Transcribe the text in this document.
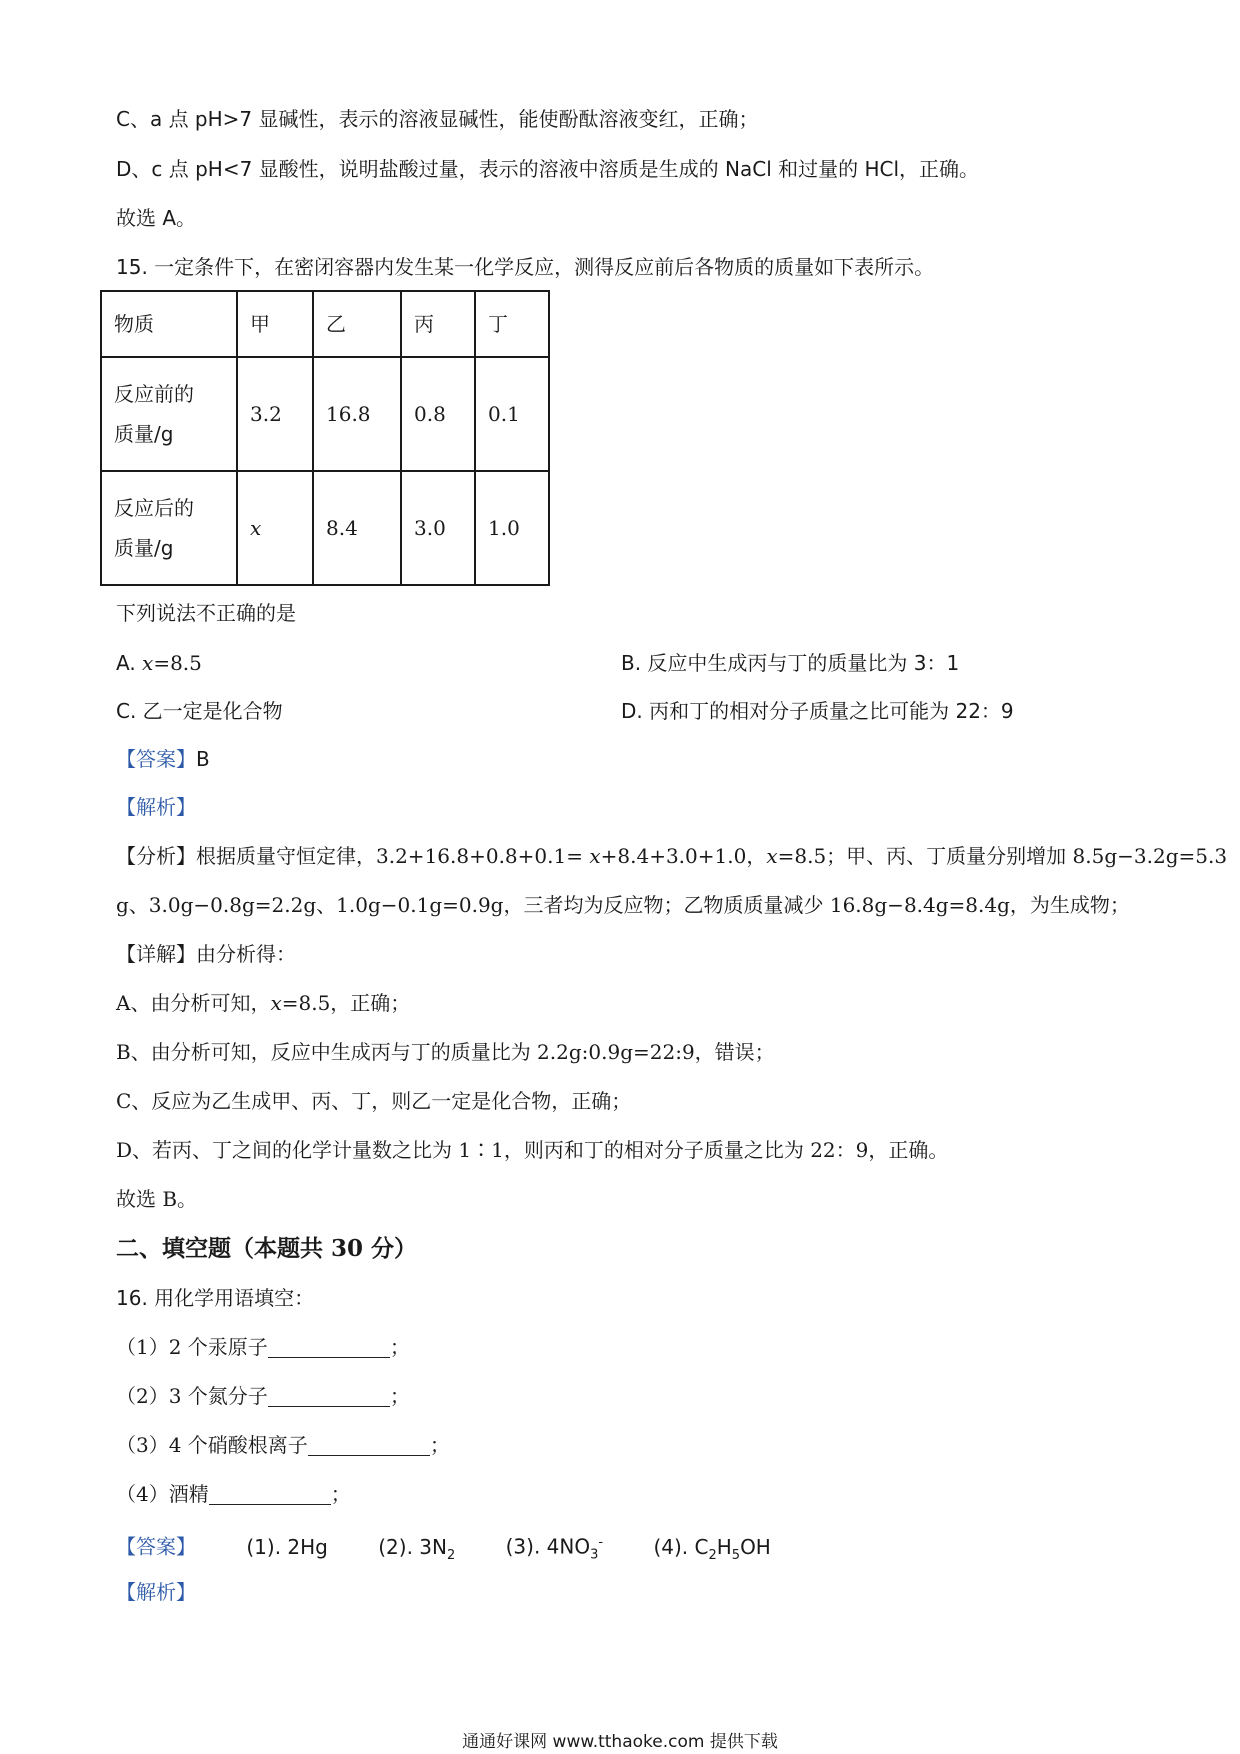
C、a 点 pH>7 显碱性，表示的溶液显碱性，能使酚酞溶液变红，正确；
D、c 点 pH<7 显酸性，说明盐酸过量，表示的溶液中溶质是生成的 NaCl 和过量的 HCl，正确。
故选 A。
15. 一定条件下，在密闭容器内发生某一化学反应，测得反应前后各物质的质量如下表所示。
物质	甲	乙	丙	丁
反应前的
质量/g	3.2	16.8	0.8	0.1
反应后的
质量/g	x	8.4	3.0	1.0
下列说法不正确的是
A. x=8.5	B. 反应中生成丙与丁的质量比为 3：1
C. 乙一定是化合物	D. 丙和丁的相对分子质量之比可能为 22：9
【答案】B
【解析】
【分析】根据质量守恒定律，3.2+16.8+0.8+0.1= x+8.4+3.0+1.0，x=8.5；甲、丙、丁质量分别增加 8.5g−3.2g=5.3
g、3.0g−0.8g=2.2g、1.0g−0.1g=0.9g，三者均为反应物；乙物质质量减少 16.8g−8.4g=8.4g，为生成物；
【详解】由分析得：
A、由分析可知，x=8.5，正确；
B、由分析可知，反应中生成丙与丁的质量比为 2.2g:0.9g=22:9，错误；
C、反应为乙生成甲、丙、丁，则乙一定是化合物，正确；
D、若丙、丁之间的化学计量数之比为 1∶1，则丙和丁的相对分子质量之比为 22：9，正确。
故选 B。
二、填空题（本题共 30 分）
16. 用化学用语填空：
（1）2 个汞原子	；
（2）3 个氮分子	；
（3）4 个硝酸根离子	；
（4）酒精	；
【答案】	(1). 2Hg	(2). $3N_2$	(3). $4NO_3^-$	(4). $C_2H_5OH$
【解析】
通通好课网 www.tthaoke.com 提供下载
